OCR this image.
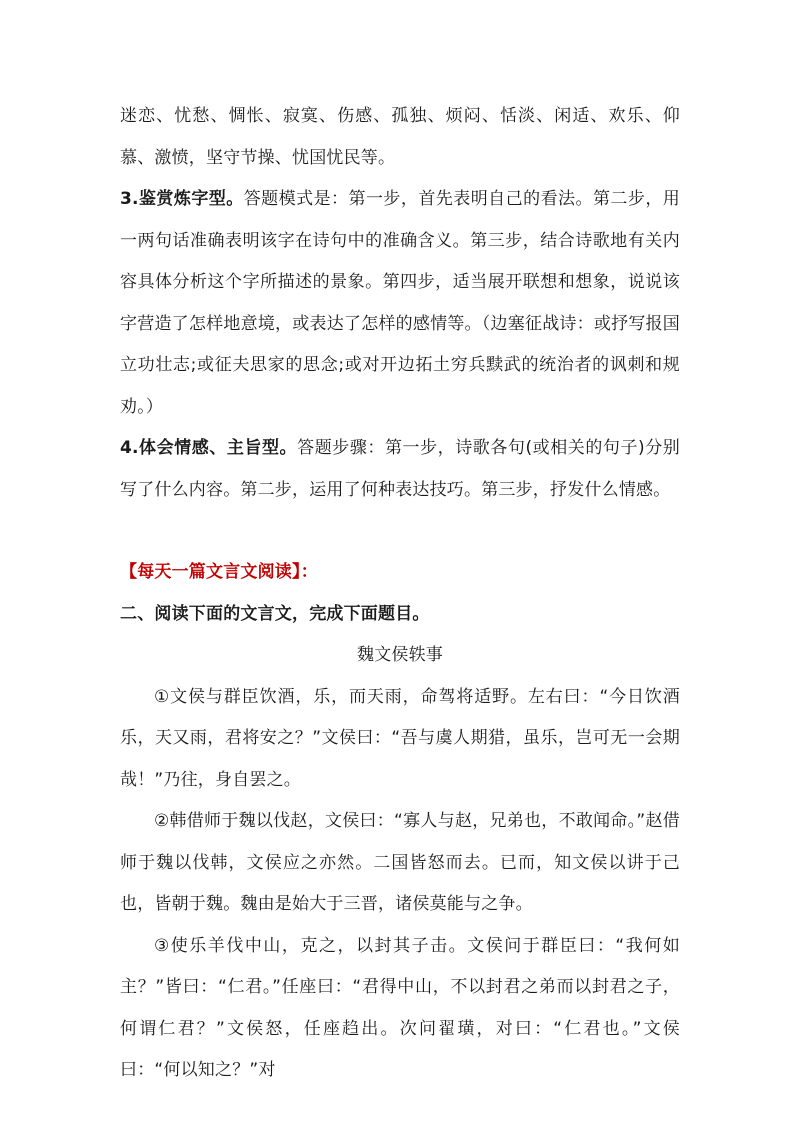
迷恋、忧愁、惆怅、寂寞、伤感、孤独、烦闷、恬淡、闲适、欢乐、仰慕、激愤，坚守节操、忧国忧民等。

3.鉴赏炼字型。答题模式是：第一步，首先表明自己的看法。第二步，用一两句话准确表明该字在诗句中的准确含义。第三步，结合诗歌地有关内容具体分析这个字所描述的景象。第四步，适当展开联想和想象，说说该字营造了怎样地意境，或表达了怎样的感情等。（边塞征战诗：或抒写报国立功壮志;或征夫思家的思念;或对开边拓土穷兵黩武的统治者的讽刺和规劝。）

4.体会情感、主旨型。答题步骤：第一步，诗歌各句(或相关的句子)分别写了什么内容。第二步，运用了何种表达技巧。第三步，抒发什么情感。

【每天一篇文言文阅读】：

二、阅读下面的文言文，完成下面题目。

魏文侯轶事

①文侯与群臣饮酒，乐，而天雨，命驾将适野。左右曰：“今日饮酒乐，天又雨，君将安之？”文侯曰：“吾与虞人期猎，虽乐，岂可无一会期哉！”乃往，身自罢之。

②韩借师于魏以伐赵，文侯曰：“寡人与赵，兄弟也，不敢闻命。”赵借师于魏以伐韩，文侯应之亦然。二国皆怒而去。已而，知文侯以讲于己也，皆朝于魏。魏由是始大于三晋，诸侯莫能与之争。

③使乐羊伐中山，克之，以封其子击。文侯问于群臣曰：“我何如主？”皆曰：“仁君。”任座曰：“君得中山，不以封君之弟而以封君之子，何谓仁君？”文侯怒，任座趋出。次问翟璜，对曰：“仁君也。”文侯曰：“何以知之？”对
